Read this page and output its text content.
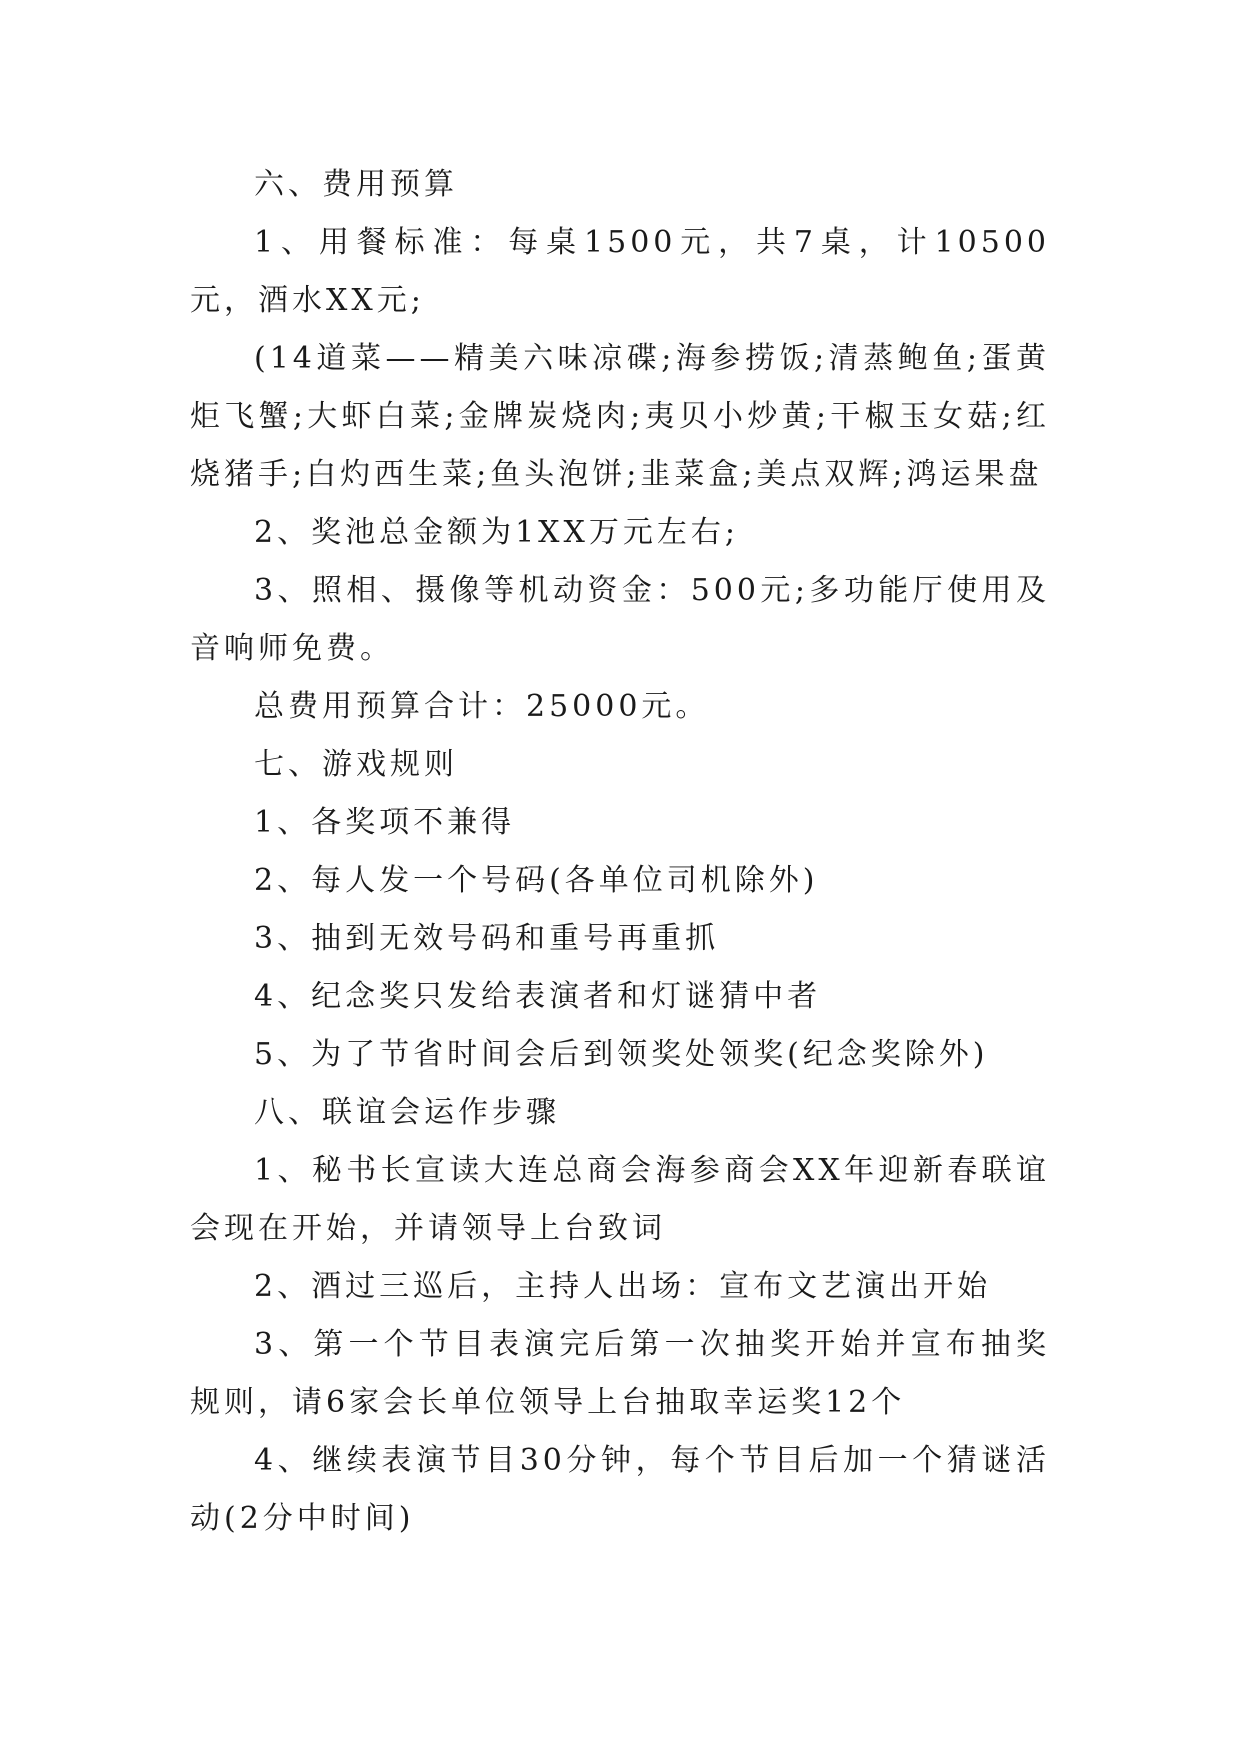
六、费用预算

1、用餐标准：每桌1500元，共7桌，计10500元，酒水XX元;

(14道菜——精美六味凉碟;海参捞饭;清蒸鲍鱼;蛋黄炬飞蟹;大虾白菜;金牌炭烧肉;夷贝小炒黄;干椒玉女菇;红烧猪手;白灼西生菜;鱼头泡饼;韭菜盒;美点双辉;鸿运果盘

2、奖池总金额为1XX万元左右;

3、照相、摄像等机动资金：500元;多功能厅使用及音响师免费。

总费用预算合计：25000元。

七、游戏规则

1、各奖项不兼得

2、每人发一个号码(各单位司机除外)

3、抽到无效号码和重号再重抓

4、纪念奖只发给表演者和灯谜猜中者

5、为了节省时间会后到领奖处领奖(纪念奖除外)

八、联谊会运作步骤

1、秘书长宣读大连总商会海参商会XX年迎新春联谊会现在开始，并请领导上台致词

2、酒过三巡后，主持人出场：宣布文艺演出开始

3、第一个节目表演完后第一次抽奖开始并宣布抽奖规则，请6家会长单位领导上台抽取幸运奖12个

4、继续表演节目30分钟，每个节目后加一个猜谜活动(2分中时间)
